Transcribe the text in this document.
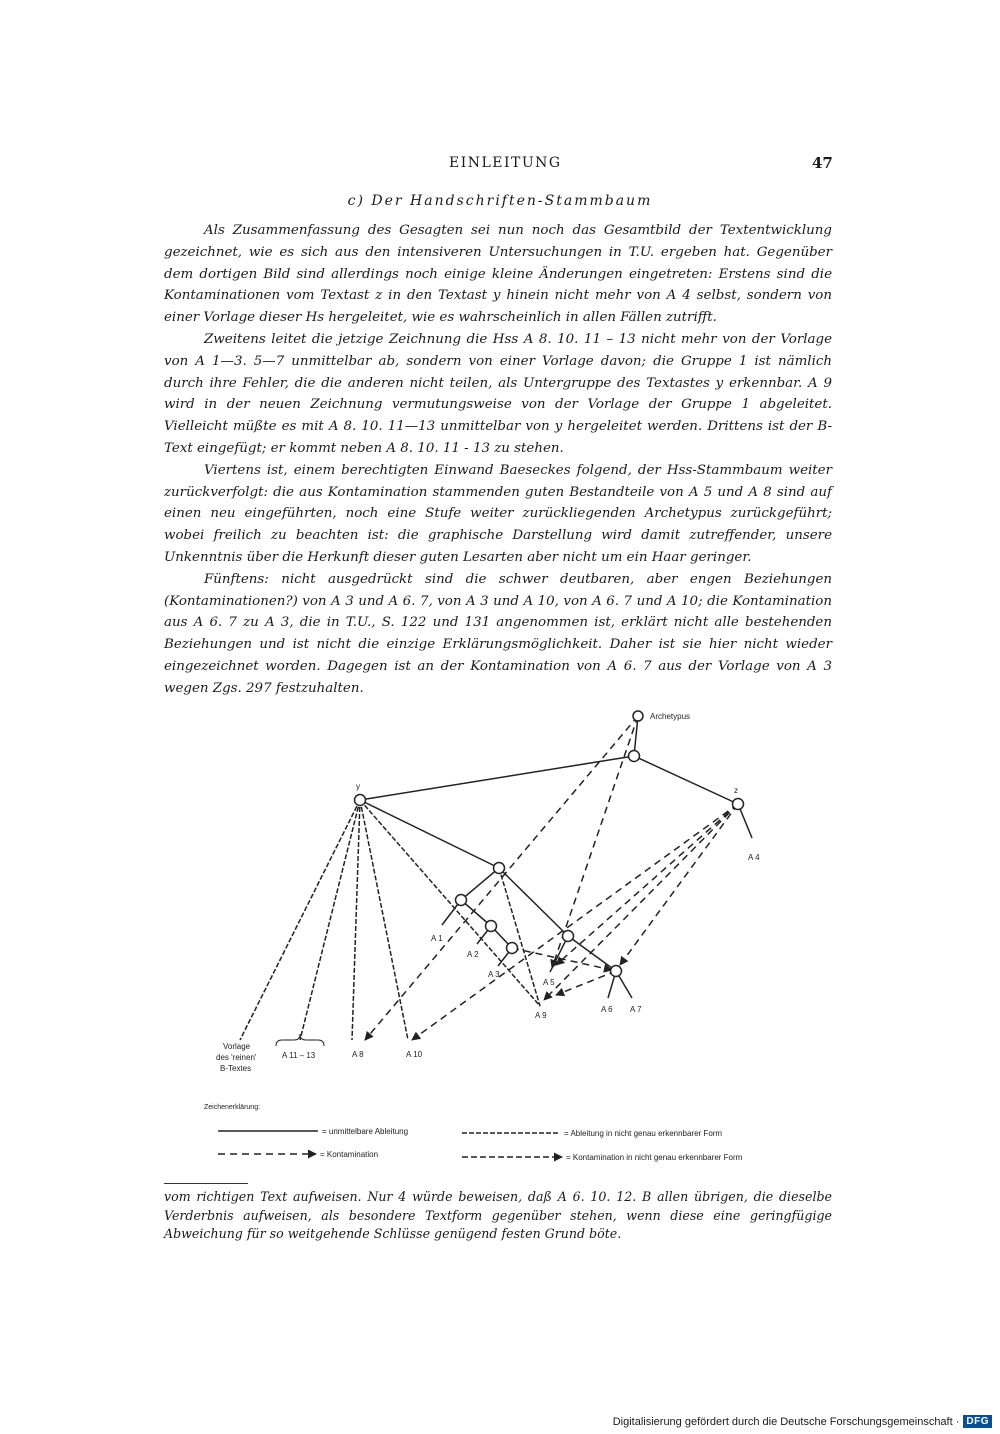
EINLEITUNG	47
c) Der Handschriften-Stammbaum

Als Zusammenfassung des Gesagten sei nun noch das Gesamtbild der Textentwicklung gezeichnet, wie es sich aus den intensiveren Untersuchungen in T.U. ergeben hat. Gegenüber dem dortigen Bild sind allerdings noch einige kleine Änderungen eingetreten: Erstens sind die Kontaminationen vom Textast z in den Textast y hinein nicht mehr von A 4 selbst, sondern von einer Vorlage dieser Hs hergeleitet, wie es wahrscheinlich in allen Fällen zutrifft.

Zweitens leitet die jetzige Zeichnung die Hss A 8. 10. 11 – 13 nicht mehr von der Vorlage von A 1—3. 5—7 unmittelbar ab, sondern von einer Vorlage davon; die Gruppe 1 ist nämlich durch ihre Fehler, die die anderen nicht teilen, als Untergruppe des Textastes y erkennbar. A 9 wird in der neuen Zeichnung vermutungsweise von der Vorlage der Gruppe 1 abgeleitet. Vielleicht müßte es mit A 8. 10. 11—13 unmittelbar von y hergeleitet werden. Drittens ist der B-Text eingefügt; er kommt neben A 8. 10. 11 - 13 zu stehen.

Viertens ist, einem berechtigten Einwand Baeseckes folgend, der Hss-Stammbaum weiter zurückverfolgt: die aus Kontamination stammenden guten Bestandteile von A 5 und A 8 sind auf einen neu eingeführten, noch eine Stufe weiter zurückliegenden Archetypus zurückgeführt; wobei freilich zu beachten ist: die graphische Darstellung wird damit zutreffender, unsere Unkenntnis über die Herkunft dieser guten Lesarten aber nicht um ein Haar geringer.

Fünftens: nicht ausgedrückt sind die schwer deutbaren, aber engen Beziehungen (Kontaminationen?) von A 3 und A 6. 7, von A 3 und A 10, von A 6. 7 und A 10; die Kontamination aus A 6. 7 zu A 3, die in T.U., S. 122 und 131 angenommen ist, erklärt nicht alle bestehenden Beziehungen und ist nicht die einzige Erklärungsmöglichkeit. Daher ist sie hier nicht wieder eingezeichnet worden. Dagegen ist an der Kontamination von A 6. 7 aus der Vorlage von A 3 wegen Zgs. 297 festzuhalten.

Archetypus
y	z
A 4
A 1
A 2
A 3
A 5
A 6 A 7
A 9
Vorlage
des 'reinen'
B-Textes
A 11 – 13	A 8	A 10
Zeichenerklärung:
= unmittelbare Ableitung	= Ableitung in nicht genau erkennbarer Form
= Kontamination	= Kontamination in nicht genau erkennbarer Form
vom richtigen Text aufweisen. Nur 4 würde beweisen, daß A 6. 10. 12. B allen übrigen, die dieselbe Verderbnis aufweisen, als besondere Textform gegenüber stehen, wenn diese eine geringfügige Abweichung für so weitgehende Schlüsse genügend festen Grund böte.
Digitalisierung gefördert durch die Deutsche Forschungsgemeinschaft · DFG
